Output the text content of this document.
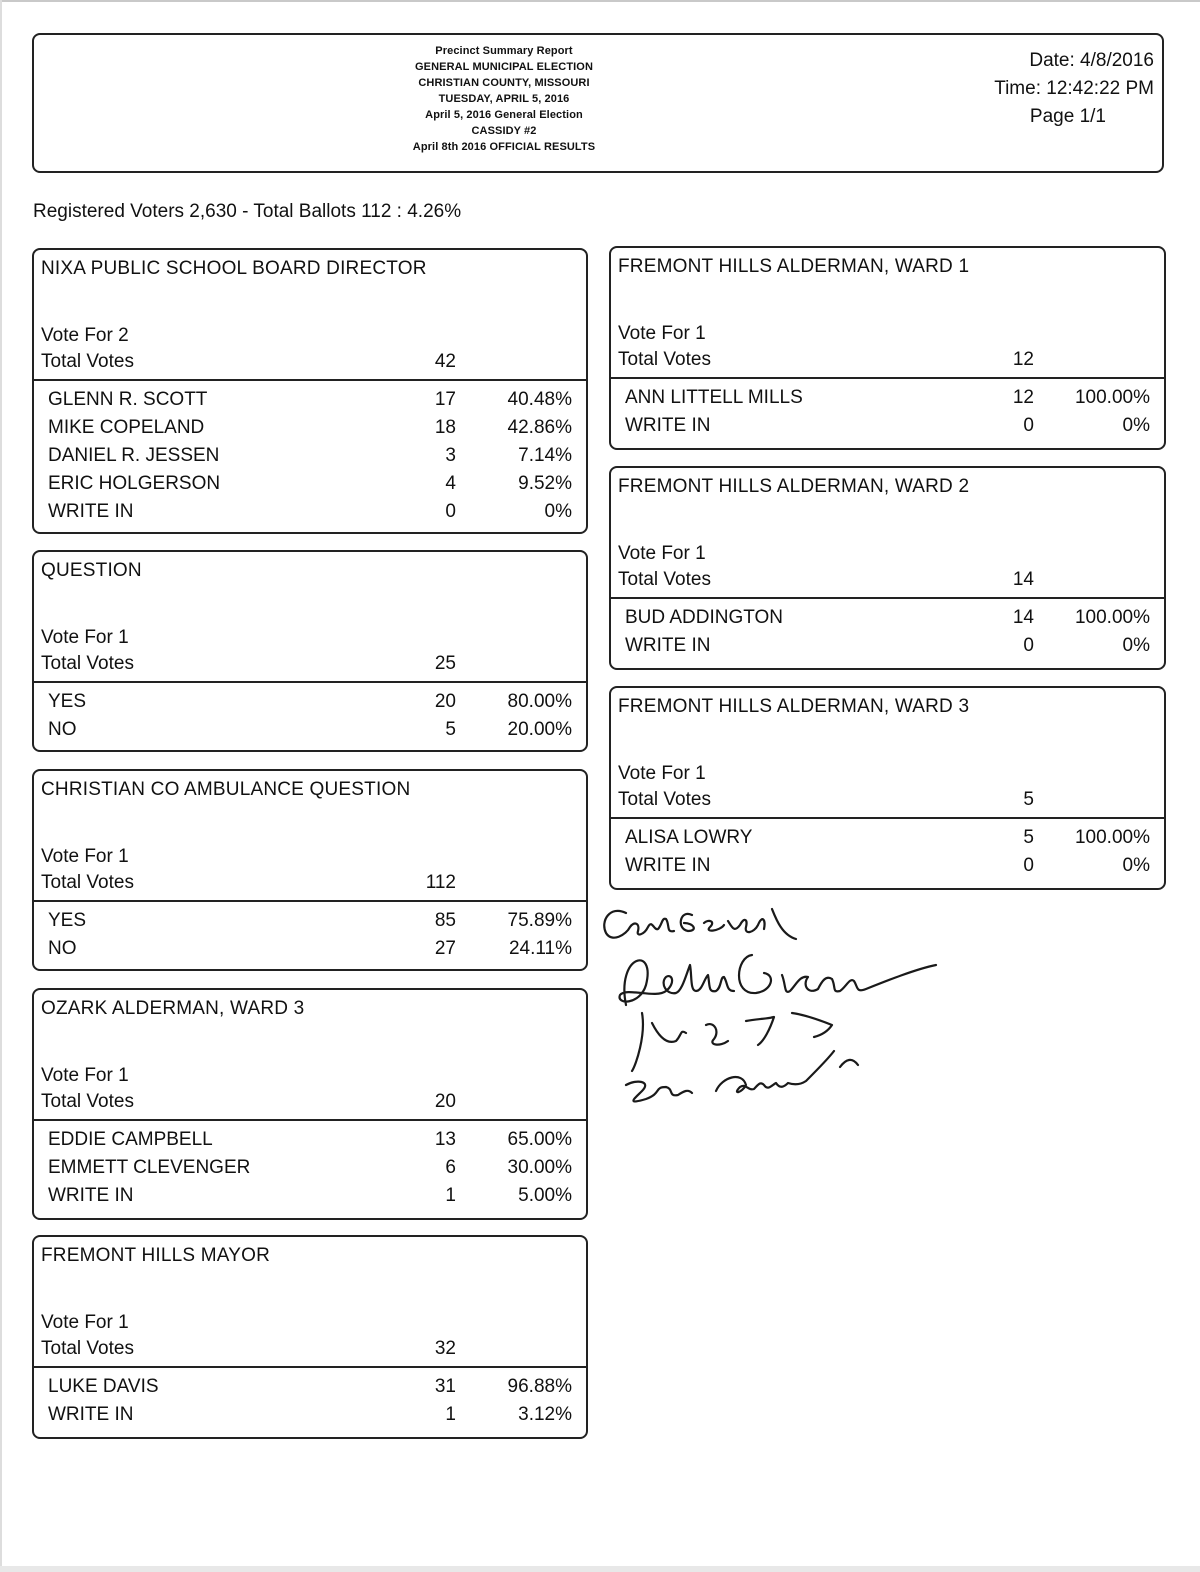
Precinct Summary Report
GENERAL MUNICIPAL ELECTION
CHRISTIAN COUNTY, MISSOURI
TUESDAY, APRIL 5, 2016
April 5, 2016 General Election
CASSIDY #2
April 8th 2016 OFFICIAL RESULTS
Date: 4/8/2016
Time: 12:42:22 PM
Page 1/1
Registered Voters 2,630 - Total Ballots 112 : 4.26%
NIXA PUBLIC SCHOOL BOARD DIRECTOR
Vote For 2
Total Votes	42
GLENN R. SCOTT	17	40.48%
MIKE COPELAND	18	42.86%
DANIEL R. JESSEN	3	7.14%
ERIC HOLGERSON	4	9.52%
WRITE IN	0	0%
QUESTION
Vote For 1
Total Votes	25
YES	20	80.00%
NO	5	20.00%
CHRISTIAN CO AMBULANCE QUESTION
Vote For 1
Total Votes	112
YES	85	75.89%
NO	27	24.11%
OZARK ALDERMAN, WARD 3
Vote For 1
Total Votes	20
EDDIE CAMPBELL	13	65.00%
EMMETT CLEVENGER	6	30.00%
WRITE IN	1	5.00%
FREMONT HILLS MAYOR
Vote For 1
Total Votes	32
LUKE DAVIS	31	96.88%
WRITE IN	1	3.12%
FREMONT HILLS ALDERMAN, WARD 1
Vote For 1
Total Votes	12
ANN LITTELL MILLS	12 100.00%
WRITE IN	0	0%
FREMONT HILLS ALDERMAN, WARD 2
Vote For 1
Total Votes	14
BUD ADDINGTON	14 100.00%
WRITE IN	0	0%
FREMONT HILLS ALDERMAN, WARD 3
Vote For 1
Total Votes	5
ALISA LOWRY	5 100.00%
WRITE IN	0	0%
